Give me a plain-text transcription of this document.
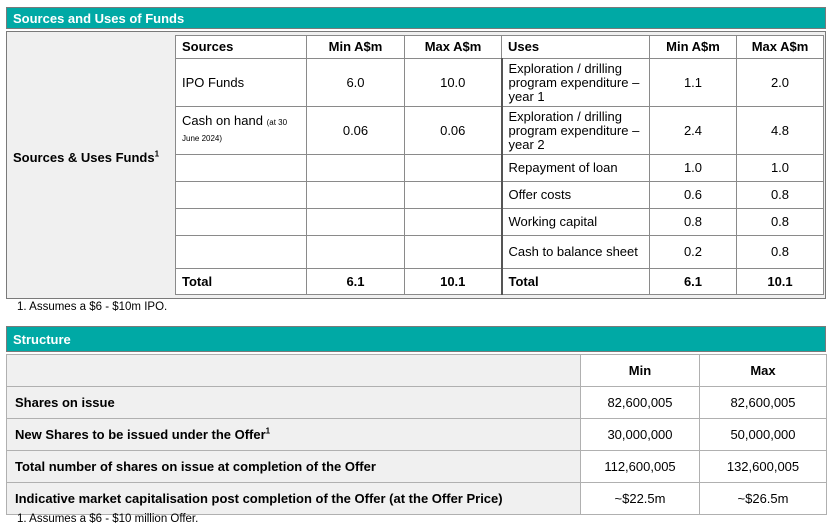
Sources and Uses of Funds
Sources & Uses Funds$^1$
Sources	Min A$m	Max A$m	Uses	Min A$m	Max A$m
IPO Funds	6.0	10.0	Exploration / drilling program expenditure – year 1	1.1	2.0
Cash on hand (at 30 June 2024)	0.06	0.06	Exploration / drilling program expenditure – year 2	2.4	4.8
			Repayment of loan	1.0	1.0
			Offer costs	0.6	0.8
			Working capital	0.8	0.8
			Cash to balance sheet	0.2	0.8
Total	6.1	10.1	Total	6.1	10.1
1. Assumes a $6 - $10m IPO.
Structure
	Min	Max
Shares on issue	82,600,005	82,600,005
New Shares to be issued under the Offer$^1$	30,000,000	50,000,000
Total number of shares on issue at completion of the Offer	112,600,005	132,600,005
Indicative market capitalisation post completion of the Offer (at the Offer Price)	~$22.5m	~$26.5m
1. Assumes a $6 - $10 million Offer.
